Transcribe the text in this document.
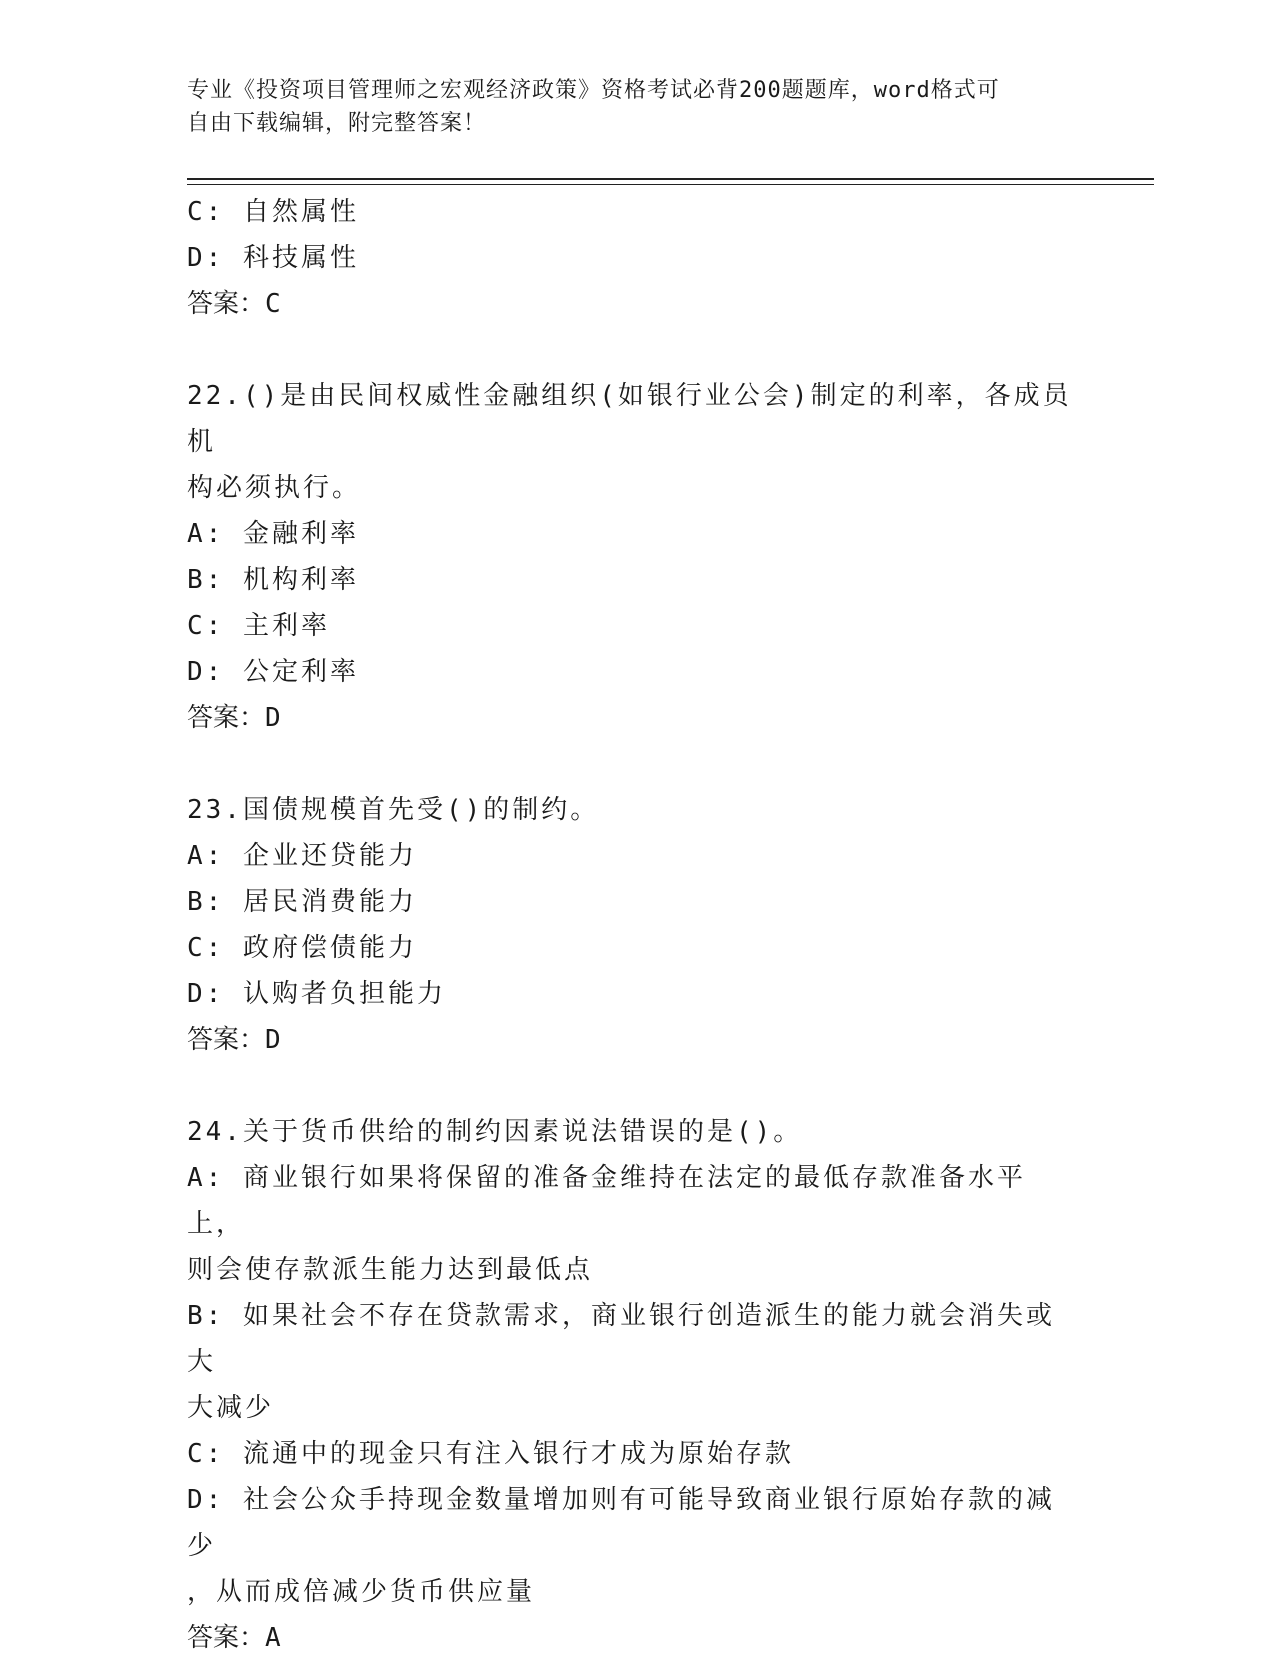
专业《投资项目管理师之宏观经济政策》资格考试必背200题题库，word格式可
自由下载编辑，附完整答案！
C: 自然属性
D: 科技属性
答案：C
22.()是由民间权威性金融组织(如银行业公会)制定的利率，各成员机
构必须执行。
A: 金融利率
B: 机构利率
C: 主利率
D: 公定利率
答案：D
23.国债规模首先受()的制约。
A: 企业还贷能力
B: 居民消费能力
C: 政府偿债能力
D: 认购者负担能力
答案：D
24.关于货币供给的制约因素说法错误的是()。
A: 商业银行如果将保留的准备金维持在法定的最低存款准备水平上，
则会使存款派生能力达到最低点
B: 如果社会不存在贷款需求，商业银行创造派生的能力就会消失或大
大减少
C: 流通中的现金只有注入银行才成为原始存款
D: 社会公众手持现金数量增加则有可能导致商业银行原始存款的减少
，从而成倍减少货币供应量
答案：A
